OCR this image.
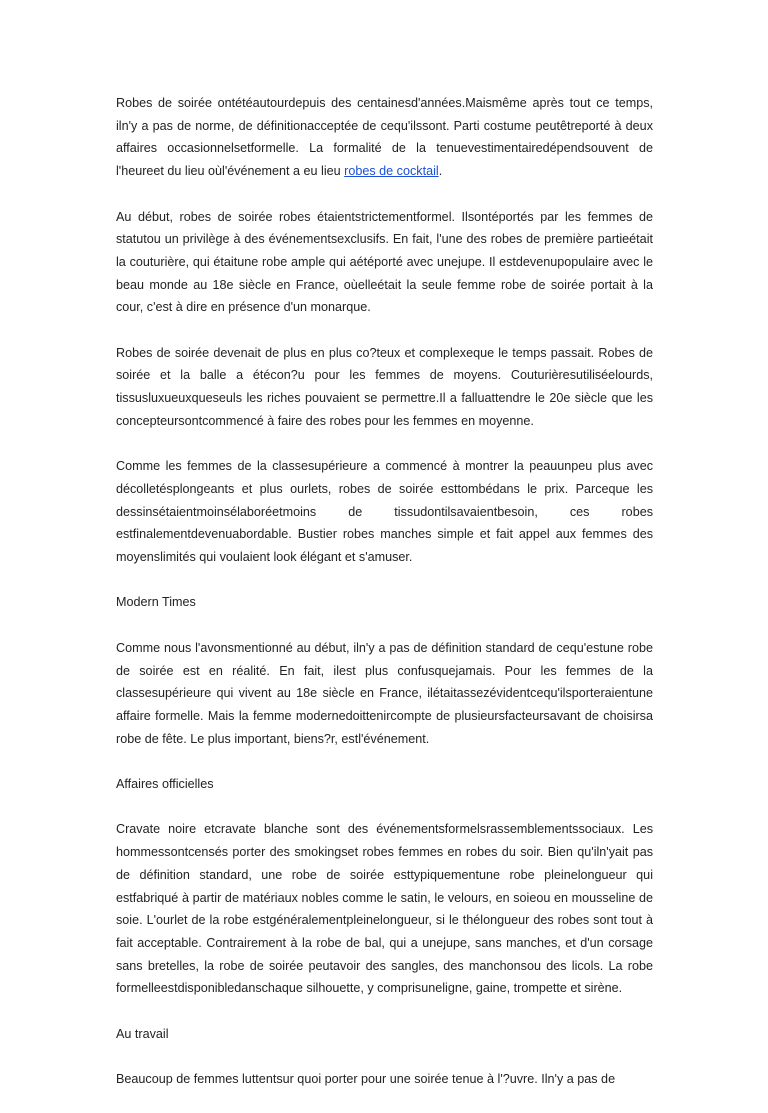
Robes de soirée ontétéautourdepuis des centainesd'années.Maismême après tout ce temps, iln'y a pas de norme, de définitionacceptée de cequ'ilssont. Parti costume peutêtreporté à deux affaires occasionnelsetformelle. La formalité de la tenuevestimentairedépendsouvent de l'heureet du lieu oùl'événement a eu lieu robes de cocktail.

Au début, robes de soirée robes étaientstrictementformel. Ilsontéportés par les femmes de statutou un privilège à des événementsexclusifs. En fait, l'une des robes de première partieétait la couturière, qui étaitune robe ample qui aétéporté avec unejupe. Il estdevenupopulaire avec le beau monde au 18e siècle en France, oùelleétait la seule femme robe de soirée portait à la cour, c'est à dire en présence d'un monarque.

Robes de soirée devenait de plus en plus co?teux et complexeque le temps passait. Robes de soirée et la balle a étécon?u pour les femmes de moyens. Couturièresutiliséelourds, tissusluxueuxqueseuls les riches pouvaient se permettre.Il a falluattendre le 20e siècle que les concepteursontcommencé à faire des robes pour les femmes en moyenne.

Comme les femmes de la classesupérieure a commencé à montrer la peauunpeu plus avec décolletésplongeants et plus ourlets, robes de soirée esttombédans le prix. Parceque les dessinsétaientmoinsélaboréetmoins de tissudontilsavaientbesoin, ces robes estfinalementdevenuabordable. Bustier robes manches simple et fait appel aux femmes des moyenslimités qui voulaient look élégant et s'amuser.

Modern Times

Comme nous l'avonsmentionné au début, iln'y a pas de définition standard de cequ'estune robe de soirée est en réalité. En fait, ilest plus confusquejamais. Pour les femmes de la classesupérieure qui vivent au 18e siècle en France, ilétaitassezévidentcequ'ilsporteraientune affaire formelle. Mais la femme modernedoittenircompte de plusieursfacteursavant de choisirsa robe de fête. Le plus important, biens?r, estl'événement.

Affaires officielles

Cravate noire etcravate blanche sont des événementsformelsrassemblementssociaux. Les hommessontcensés porter des smokingset robes femmes en robes du soir. Bien qu'iln'yait pas de définition standard, une robe de soirée esttypiquementune robe pleinelongueur qui estfabriqué à partir de matériaux nobles comme le satin, le velours, en soieou en mousseline de soie. L'ourlet de la robe estgénéralementpleinelongueur, si le thélongueur des robes sont tout à fait acceptable. Contrairement à la robe de bal, qui a unejupe, sans manches, et d'un corsage sans bretelles, la robe de soirée peutavoir des sangles, des manchonsou des licols. La robe formelleestdisponibledanschaque silhouette, y comprisuneligne, gaine, trompette et sirène.

Au travail

Beaucoup de femmes luttentsur quoi porter pour une soirée tenue à l'?uvre. Iln'y a pas de
